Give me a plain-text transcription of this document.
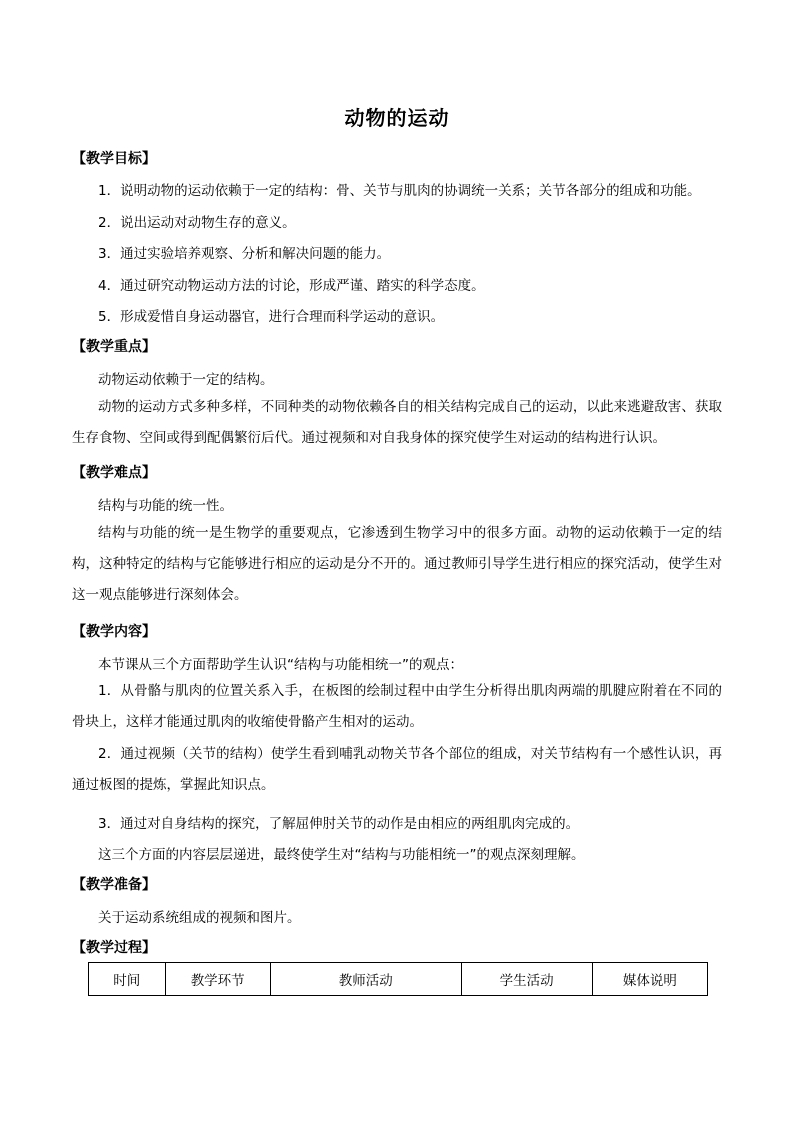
动物的运动
【教学目标】
1．说明动物的运动依赖于一定的结构：骨、关节与肌肉的协调统一关系；关节各部分的组成和功能。
2．说出运动对动物生存的意义。
3．通过实验培养观察、分析和解决问题的能力。
4．通过研究动物运动方法的讨论，形成严谨、踏实的科学态度。
5．形成爱惜自身运动器官，进行合理而科学运动的意识。
【教学重点】
动物运动依赖于一定的结构。
动物的运动方式多种多样，不同种类的动物依赖各自的相关结构完成自己的运动，以此来逃避敌害、获取生存食物、空间或得到配偶繁衍后代。通过视频和对自我身体的探究使学生对运动的结构进行认识。
【教学难点】
结构与功能的统一性。
结构与功能的统一是生物学的重要观点，它渗透到生物学习中的很多方面。动物的运动依赖于一定的结构，这种特定的结构与它能够进行相应的运动是分不开的。通过教师引导学生进行相应的探究活动，使学生对这一观点能够进行深刻体会。
【教学内容】
本节课从三个方面帮助学生认识“结构与功能相统一”的观点：
1．从骨骼与肌肉的位置关系入手，在板图的绘制过程中由学生分析得出肌肉两端的肌腱应附着在不同的骨块上，这样才能通过肌肉的收缩使骨骼产生相对的运动。
2．通过视频（关节的结构）使学生看到哺乳动物关节各个部位的组成，对关节结构有一个感性认识，再通过板图的提炼，掌握此知识点。
3．通过对自身结构的探究，了解屈伸肘关节的动作是由相应的两组肌肉完成的。
这三个方面的内容层层递进，最终使学生对“结构与功能相统一”的观点深刻理解。
【教学准备】
关于运动系统组成的视频和图片。
【教学过程】
时间	教学环节	教师活动	学生活动	媒体说明
